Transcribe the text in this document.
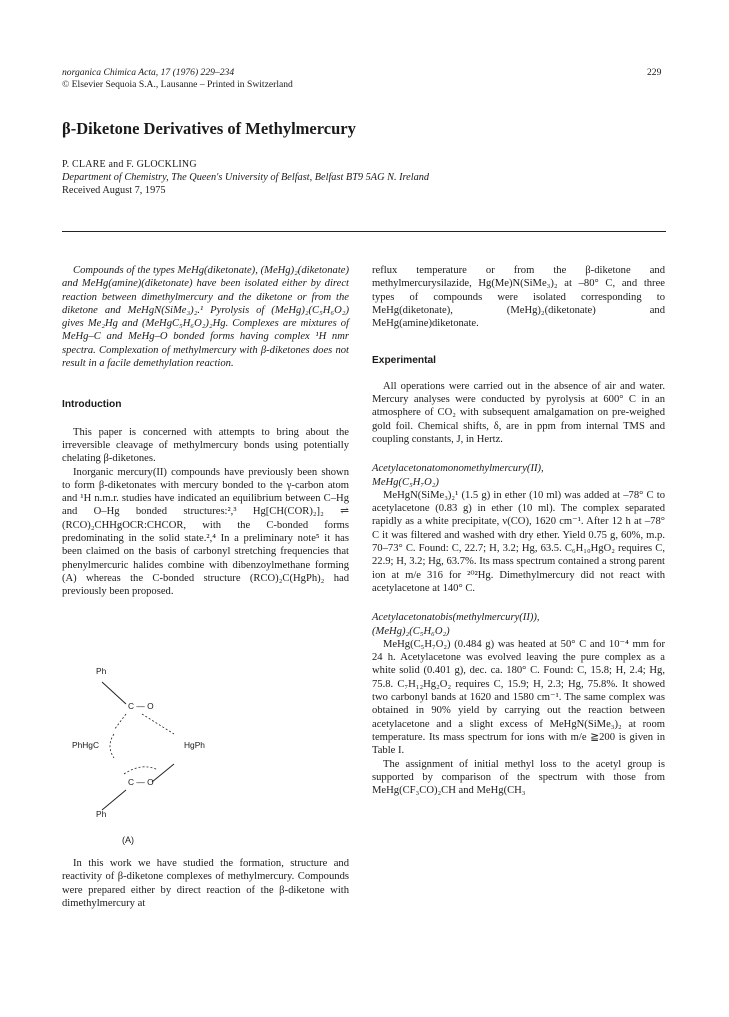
norganica Chimica Acta, 17 (1976) 229–234
© Elsevier Sequoia S.A., Lausanne – Printed in Switzerland
229
β-Diketone Derivatives of Methylmercury
P. CLARE and F. GLOCKLING
Department of Chemistry, The Queen's University of Belfast, Belfast BT9 5AG N. Ireland
Received August 7, 1975

Compounds of the types MeHg(diketonate), (MeHg)₂(diketonate) and MeHg(amine)(diketonate) have been isolated either by direct reaction between dimethylmercury and the diketone or from the diketone and MeHgN(SiMe₃)₂.¹ Pyrolysis of (MeHg)₂(C₅H₆O₂) gives Me₂Hg and (MeHgC₅H₆O₂)₂Hg. Complexes are mixtures of MeHg–C and MeHg–O bonded forms having complex ¹H nmr spectra. Complexation of methylmercury with β-diketones does not result in a facile demethylation reaction.

Introduction

This paper is concerned with attempts to bring about the irreversible cleavage of methylmercury bonds using potentially chelating β-diketones.

Inorganic mercury(II) compounds have previously been shown to form β-diketonates with mercury bonded to the γ-carbon atom and ¹H n.m.r. studies have indicated an equilibrium between C–Hg and O–Hg bonded structures:²,³ Hg[CH(COR)₂]₂ ⇌ (RCO)₂CHHgOCR:CHCOR, with the C-bonded forms predominating in the solid state.²,⁴ In a preliminary note⁵ it has been claimed on the basis of carbonyl stretching frequencies that phenylmercuric halides combine with dibenzoylmethane forming (A) whereas the C-bonded structure (RCO)₂C(HgPh)₂ had previously been proposed.

Ph
C — O
PhHgC	HgPh
C — O
Ph
(A)

In this work we have studied the formation, structure and reactivity of β-diketone complexes of methylmercury. Compounds were prepared either by direct reaction of the β-diketone with dimethylmercury at

reflux temperature or from the β-diketone and methylmercurysilazide, Hg(Me)N(SiMe₃)₂ at –80° C, and three types of compounds were isolated corresponding to MeHg(diketonate), (MeHg)₂(diketonate) and MeHg(amine)diketonate.

Experimental

All operations were carried out in the absence of air and water. Mercury analyses were conducted by pyrolysis at 600° C in an atmosphere of CO₂ with subsequent amalgamation on pre-weighed gold foil. Chemical shifts, δ, are in ppm from internal TMS and coupling constants, J, in Hertz.

Acetylacetonatomonomethylmercury(II),

MeHg(C₅H₇O₂)

MeHgN(SiMe₃)₂¹ (1.5 g) in ether (10 ml) was added at –78° C to acetylacetone (0.83 g) in ether (10 ml). The complex separated rapidly as a white precipitate, ν(CO), 1620 cm⁻¹. After 12 h at –78° C it was filtered and washed with dry ether. Yield 0.75 g, 60%, m.p. 70–73° C. Found: C, 22.7; H, 3.2; Hg, 63.5. C₆H₁₀HgO₂ requires C, 22.9; H, 3.2; Hg, 63.7%. Its mass spectrum contained a strong parent ion at m/e 316 for ²⁰²Hg. Dimethylmercury did not react with acetylacetone at 140° C.

Acetylacetonatobis(methylmercury(II)),

(MeHg)₂(C₅H₆O₂)

MeHg(C₅H₇O₂) (0.484 g) was heated at 50° C and 10⁻⁴ mm for 24 h. Acetylacetone was evolved leaving the pure complex as a white solid (0.401 g), dec. ca. 180° C. Found: C, 15.8; H, 2.4; Hg, 75.8. C₇H₁₂Hg₂O₂ requires C, 15.9; H, 2.3; Hg, 75.8%. It showed two carbonyl bands at 1620 and 1580 cm⁻¹. The same complex was obtained in 90% yield by carrying out the reaction between acetylacetone and a slight excess of MeHgN(SiMe₃)₂ at room temperature. Its mass spectrum for ions with m/e ≧200 is given in Table I.

The assignment of initial methyl loss to the acetyl group is supported by comparison of the spectrum with those from MeHg(CF₃CO)₂CH and MeHg(CH₃
